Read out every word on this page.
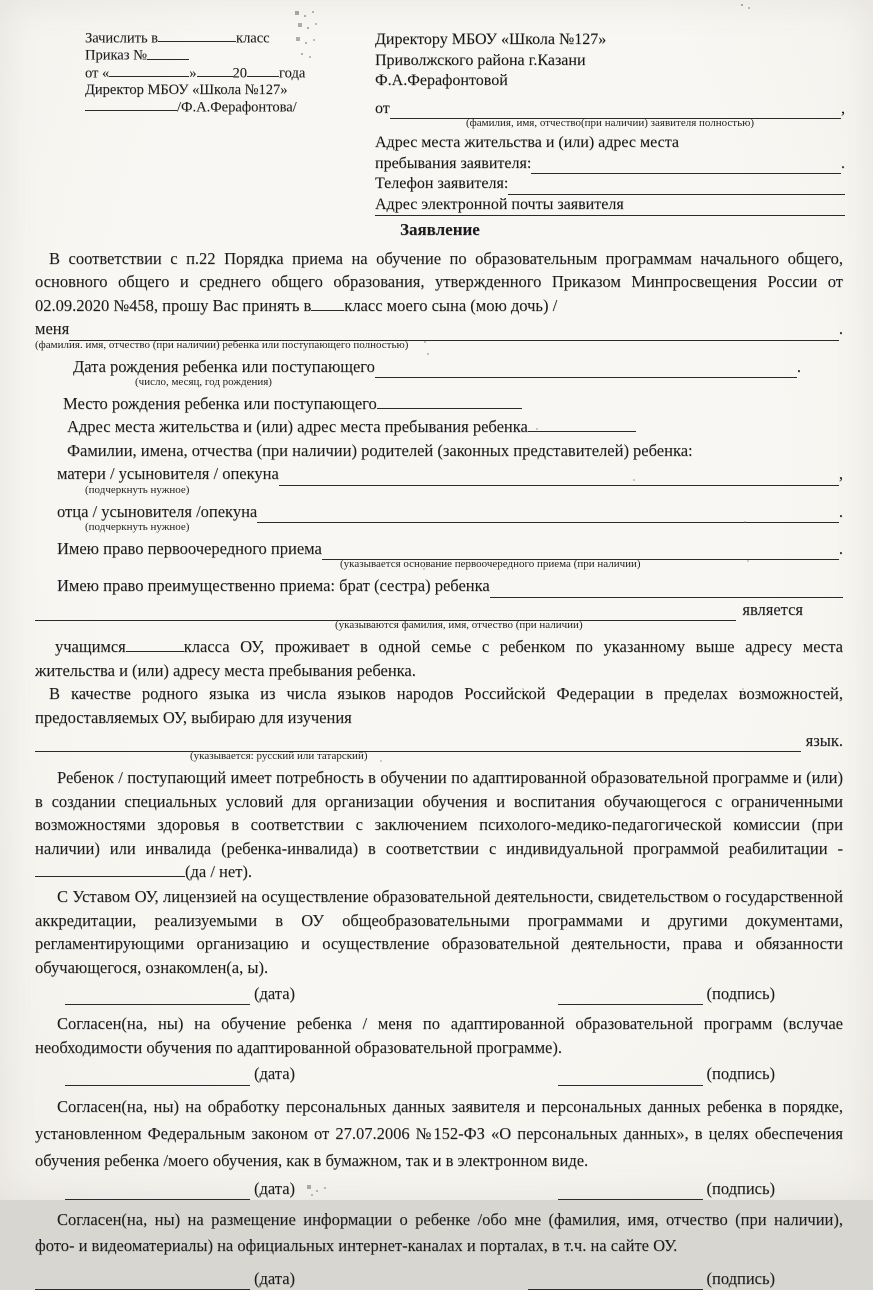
Зачислить в	класс
Приказ №
от «	» 20 года
Директор МБОУ «Школа №127»
/Ф.А.Ферафонтова/
Директору МБОУ «Школа №127»
Приволжского района г.Казани
Ф.А.Ферафонтовой
от	,
(фамилия, имя, отчество(при наличии) заявителя полностью)
Адрес места жительства и (или) адрес места
пребывания заявителя:	.
Телефон заявителя:
Адрес электронной почты заявителя
Заявление

В соответствии с п.22 Порядка приема на обучение по образовательным программам начального общего, основного общего и среднего общего образования, утвержденного Приказом Минпросвещения России от 02.09.2020 №458, прошу Вас принять в класс моего сына (мою дочь) /

меня	.
(фамилия. имя, отчество (при наличии) ребенка или поступающего полностью)
Дата рождения ребенка или поступающего	.
(число, месяц, год рождения)
Место рождения ребенка или поступающего
Адрес места жительства и (или) адрес места пребывания ребенка
Фамилии, имена, отчества (при наличии) родителей (законных представителей) ребенка:
матери / усыновителя / опекуна	,
(подчеркнуть нужное)
отца / усыновителя /опекуна	.
(подчеркнуть нужное)
Имею право первоочередного приема	.
(указывается основание первоочередного приема (при наличии)
Имею право преимущественно приема: брат (сестра) ребенка
является
(указываются фамилия, имя, отчество (при наличии)

учащимся	класса ОУ, проживает в одной семье с ребенком по указанному выше адресу места жительства и (или) адресу места пребывания ребенка.

В качестве родного языка из числа языков народов Российской Федерации в пределах возможностей, предоставляемых ОУ, выбираю для изучения

язык.
(указывается: русский или татарский)

Ребенок / поступающий имеет потребность в обучении по адаптированной образовательной программе и (или) в создании специальных условий для организации обучения и воспитания обучающегося с ограниченными возможностями здоровья в соответствии с заключением психолого-медико-педагогической комиссии (при наличии) или инвалида (ребенка-инвалида) в соответствии с индивидуальной программой реабилитации -(да / нет).

С Уставом ОУ, лицензией на осуществление образовательной деятельности, свидетельством о государственной аккредитации, реализуемыми в ОУ общеобразовательными программами и другими документами, регламентирующими организацию и осуществление образовательной деятельности, права и обязанности обучающегося, ознакомлен(а, ы).

(дата)	(подпись)

Согласен(на, ны) на обучение ребенка / меня по адаптированной образовательной программ (вслучае необходимости обучения по адаптированной образовательной программе).

(дата)	(подпись)

Согласен(на, ны) на обработку персональных данных заявителя и персональных данных ребенка в порядке, установленном Федеральным законом от 27.07.2006 №152-ФЗ «О персональных данных», в целях обеспечения обучения ребенка /моего обучения, как в бумажном, так и в электронном виде.

(дата)	(подпись)

Согласен(на, ны) на размещение информации о ребенке /обо мне (фамилия, имя, отчество (при наличии), фото- и видеоматериалы) на официальных интернет-каналах и порталах, в т.ч. на сайте ОУ.

(дата)	(подпись)
